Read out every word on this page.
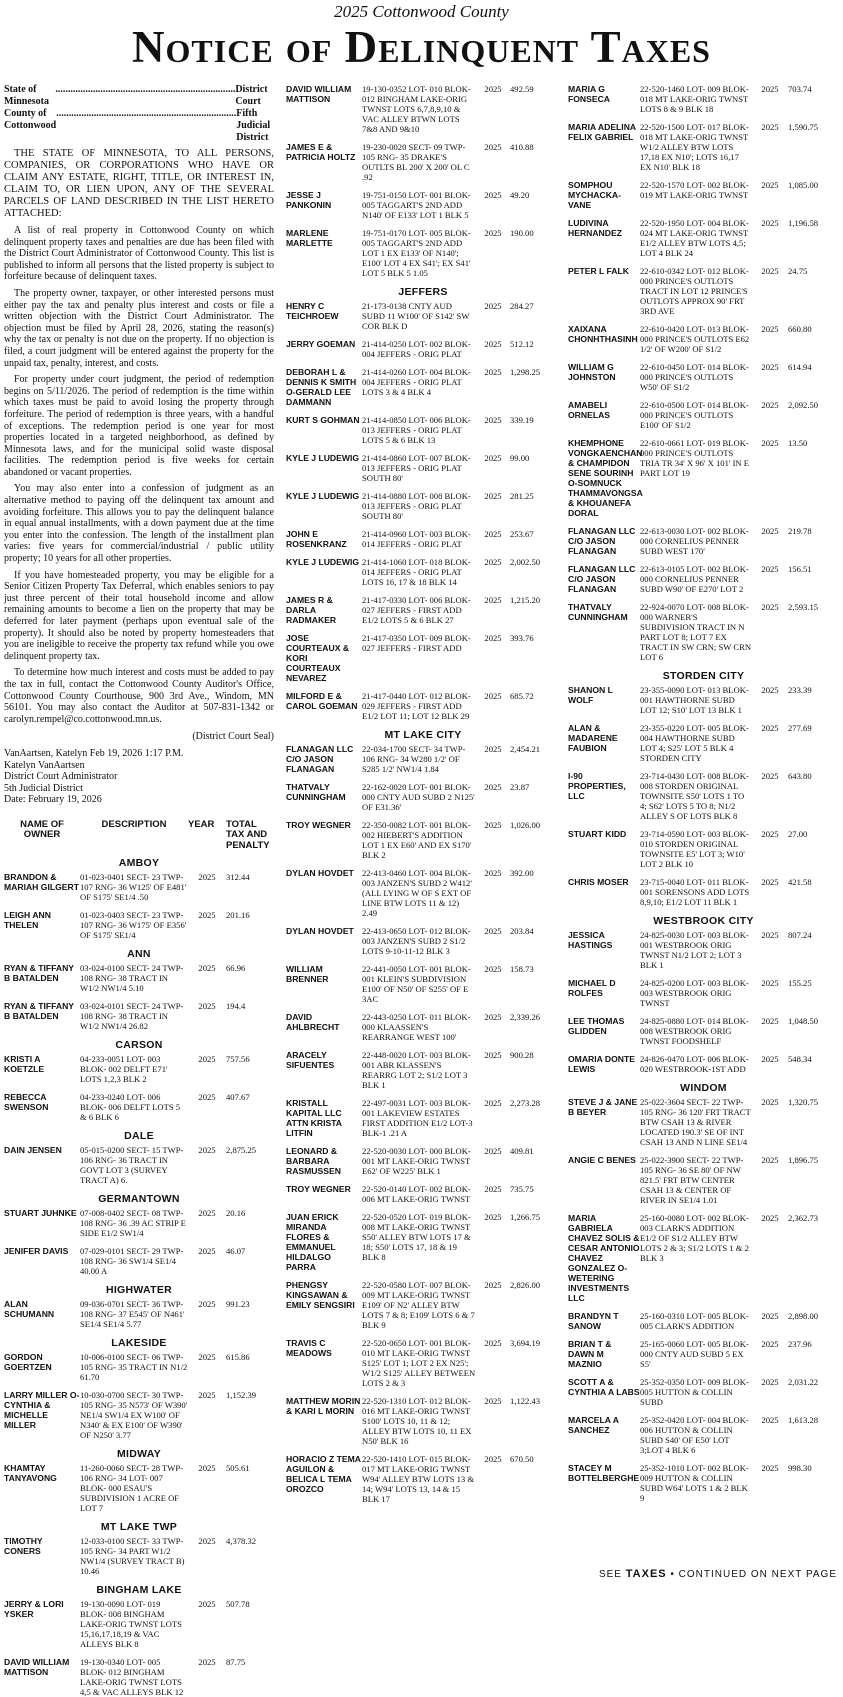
2025 Cottonwood County
Notice of Delinquent Taxes
State of Minnesota
........................................................................ District Court
County of Cottonwood
........................................................................ Fifth Judicial District

THE STATE OF MINNESOTA, TO ALL PERSONS, COMPANIES, OR CORPORATIONS WHO HAVE OR CLAIM ANY ESTATE, RIGHT, TITLE, OR INTEREST IN, CLAIM TO, OR LIEN UPON, ANY OF THE SEVERAL PARCELS OF LAND DESCRIBED IN THE LIST HERETO ATTACHED:

A list of real property in Cottonwood County on which delinquent property taxes and penalties are due has been filed with the District Court Administrator of Cottonwood County. This list is published to inform all persons that the listed property is subject to forfeiture because of delinquent taxes.

The property owner, taxpayer, or other interested persons must either pay the tax and penalty plus interest and costs or file a written objection with the District Court Administrator. The objection must be filed by April 28, 2026, stating the reason(s) why the tax or penalty is not due on the property. If no objection is filed, a court judgment will be entered against the property for the unpaid tax, penalty, interest, and costs.

For property under court judgment, the period of redemption begins on 5/11/2026. The period of redemption is the time within which taxes must be paid to avoid losing the property through forfeiture. The period of redemption is three years, with a handful of exceptions. The redemption period is one year for most properties located in a targeted neighborhood, as defined by Minnesota laws, and for the municipal solid waste disposal facilities. The redemption period is five weeks for certain abandoned or vacant properties.

You may also enter into a confession of judgment as an alternative method to paying off the delinquent tax amount and avoiding forfeiture. This allows you to pay the delinquent balance in equal annual installments, with a down payment due at the time you enter into the confession. The length of the installment plan varies: five years for commercial/industrial / public utility property; 10 years for all other properties.

If you have homesteaded property, you may be eligible for a Senior Citizen Property Tax Deferral, which enables seniors to pay just three percent of their total household income and allow remaining amounts to become a lien on the property that may be deferred for later payment (perhaps upon eventual sale of the property). It should also be noted by property homesteaders that you are ineligible to receive the property tax refund while you owe delinquent property tax.

To determine how much interest and costs must be added to pay the tax in full, contact the Cottonwood County Auditor's Office, Cottonwood County Courthouse, 900 3rd Ave., Windom, MN 56101. You may also contact the Auditor at 507-831-1342 or carolyn.rempel@co.cottonwood.mn.us.

(District Court Seal)
VanAartsen, Katelyn Feb 19, 2026 1:17 P.M.
Katelyn VanAartsen
District Court Administrator
5th Judicial District
Date: February 19, 2026
NAME OF OWNER
DESCRIPTION	YEAR	TOTAL TAX AND PENALTY
AMBOY
BRANDON & MARIAH GILGERT
01-023-0401 SECT- 23 TWP- 107 RNG- 36 W125' OF E481' OF S175' SE1/4 .50
2025	312.44
LEIGH ANN THELEN
01-023-0403 SECT- 23 TWP- 107 RNG- 36 W175' OF E356' OF S175' SE1/4
2025	201.16
ANN
RYAN & TIFFANY B BATALDEN
03-024-0100 SECT- 24 TWP- 108 RNG- 38 TRACT IN W1/2 NW1/4 5.10
2025	66.96
RYAN & TIFFANY B BATALDEN
03-024-0101 SECT- 24 TWP- 108 RNG- 38 TRACT IN W1/2 NW1/4 26.82
2025	194.4
CARSON
KRISTI A KOETZLE
04-233-0051 LOT- 003 BLOK- 002 DELFT E71' LOTS 1,2,3 BLK 2
2025	757.56
REBECCA SWENSON
04-233-0240 LOT- 006 BLOK- 006 DELFT LOTS 5 & 6 BLK 6
2025	407.67
DALE
DAIN JENSEN	05-015-0200 SECT- 15 TWP- 106 RNG- 36 TRACT IN GOVT LOT 3 (SURVEY TRACT A) 6.
2025	2,875.25
GERMANTOWN
STUART JUHNKE 07-008-0402 SECT- 08 TWP- 108 RNG- 36 .39 AC STRIP E SIDE E1/2 SW1/4
2025	20.16
JENIFER DAVIS	07-029-0101 SECT- 29 TWP- 108 RNG- 36 SW1/4 SE1/4 40.00 A
2025	46.07
HIGHWATER
ALAN SCHUMANN
09-036-0701 SECT- 36 TWP- 108 RNG- 37 E545' OF N461' SE1/4 SE1/4 5.77
2025	991.23
LAKESIDE
GORDON GOERTZEN
10-006-0100 SECT- 06 TWP- 105 RNG- 35 TRACT IN N1/2 61.70
2025	615.86
LARRY MILLER O-CYNTHIA & MICHELLE MILLER
10-030-0700 SECT- 30 TWP- 105 RNG- 35 N573' OF W390' NE1/4 SW1/4 EX W100' OF N340' & EX E100' OF W390' OF N250' 3.77
2025	1,152.39
MIDWAY
KHAMTAY TANYAVONG
11-260-0060 SECT- 28 TWP- 106 RNG- 34 LOT- 007 BLOK- 000 ESAU'S SUBDIVISION 1 ACRE OF LOT 7
2025	505.61
MT LAKE TWP
TIMOTHY CONERS
12-033-0100 SECT- 33 TWP- 105 RNG- 34 PART W1/2 NW1/4 (SURVEY TRACT B) 10.46
2025	4,378.32
BINGHAM LAKE
JERRY & LORI YSKER
19-130-0090 LOT- 019 BLOK- 008 BINGHAM LAKE-ORIG TWNST LOTS 15,16,17,18,19 & VAC ALLEYS BLK 8
2025	507.78
DAVID WILLIAM MATTISON
19-130-0340 LOT- 005 BLOK- 012 BINGHAM LAKE-ORIG TWNST LOTS 4,5 & VAC ALLEYS BLK 12
2025	87.75
DAVID WILLIAM MATTISON
19-130-0352 LOT- 010 BLOK- 012 BINGHAM LAKE-ORIG TWNST LOTS 6,7,8,9,10 & VAC ALLEY BTWN LOTS 7&8 AND 9&10
2025 492.59
JAMES E & PATRICIA HOLTZ
19-230-0020 SECT- 09 TWP- 105 RNG- 35 DRAKE'S OUTLTS BL 200' X 200' OL C .92
2025 410.88
JESSE J PANKONIN
19-751-0150 LOT- 001 BLOK- 005 TAGGART'S 2ND ADD N140' OF E133' LOT 1 BLK 5
2025 49.20
MARLENE MARLETTE
19-751-0170 LOT- 005 BLOK- 005 TAGGART'S 2ND ADD LOT 1 EX E133' OF N140'; E100' LOT 4 EX S41'; EX S41' LOT 5 BLK 5 1.05
2025 190.00
JEFFERS
HENRY C TEICHROEW
21-173-0138 CNTY AUD SUBD 11 W100' OF S142' SW COR BLK D
2025 284.27
JERRY GOEMAN 21-414-0250 LOT- 002 BLOK- 004 JEFFERS - ORIG PLAT
2025 512.12
DEBORAH L & DENNIS K SMITH O-GERALD LEE DAMMANN
21-414-0260 LOT- 004 BLOK- 004 JEFFERS - ORIG PLAT LOTS 3 & 4 BLK 4
2025 1,298.25
KURT S GOHMAN 21-414-0850 LOT- 006 BLOK- 013 JEFFERS - ORIG PLAT LOTS 5 & 6 BLK 13
2025 339.19
KYLE J LUDEWIG 21-414-0860 LOT- 007 BLOK- 013 JEFFERS - ORIG PLAT SOUTH 80'
2025 99.00
KYLE J LUDEWIG 21-414-0880 LOT- 008 BLOK- 013 JEFFERS - ORIG PLAT SOUTH 80'
2025 281.25
JOHN E ROSENKRANZ
21-414-0960 LOT- 003 BLOK- 014 JEFFERS - ORIG PLAT
2025 253.67
KYLE J LUDEWIG 21-414-1060 LOT- 018 BLOK- 014 JEFFERS - ORIG PLAT LOTS 16, 17 & 18 BLK 14
2025 2,002.50
JAMES R & DARLA RADMAKER
21-417-0330 LOT- 006 BLOK- 027 JEFFERS - FIRST ADD E1/2 LOTS 5 & 6 BLK 27
2025 1,215.20
JOSE COURTEAUX & KORI COURTEAUX NEVAREZ
21-417-0350 LOT- 009 BLOK- 027 JEFFERS - FIRST ADD
2025 393.76
MILFORD E & CAROL GOEMAN
21-417-0440 LOT- 012 BLOK- 029 JEFFERS - FIRST ADD E1/2 LOT 11; LOT 12 BLK 29
2025 685.72
MT LAKE CITY
FLANAGAN LLC C/O JASON FLANAGAN
22-034-1700 SECT- 34 TWP- 106 RNG- 34 W280 1/2' OF S285 1/2' NW1/4 1.84
2025 2,454.21
THATVALY CUNNINGHAM
22-162-0020 LOT- 001 BLOK- 000 CNTY AUD SUBD 2 N125' OF E31.36'
2025 23.87
TROY WEGNER	22-350-0082 LOT- 001 BLOK- 002 HIEBERT'S ADDITION LOT 1 EX E60' AND EX S170' BLK 2
2025 1,026.00
DYLAN HOVDET 22-413-0460 LOT- 004 BLOK- 003 JANZEN'S SUBD 2 W412' (ALL LYING W OF S EXT OF LINE BTW LOTS 11 & 12) 2.49
2025 392.00
DYLAN HOVDET 22-413-0650 LOT- 012 BLOK- 003 JANZEN'S SUBD 2 S1/2 LOTS 9-10-11-12 BLK 3
2025 203.84
WILLIAM BRENNER
22-441-0050 LOT- 001 BLOK- 001 KLEIN'S SUBDIVISION E100' OF N50' OF S255' OF E 3AC
2025 158.73
DAVID AHLBRECHT
22-443-0250 LOT- 011 BLOK- 000 KLAASSEN'S REARRANGE WEST 100'
2025 2,339.26
ARACELY SIFUENTES
22-448-0020 LOT- 003 BLOK- 001 ABR KLASSEN'S REARRG LOT 2; S1/2 LOT 3 BLK 1
2025 900.28
KRISTALL KAPITAL LLC ATTN KRISTA LITFIN
22-497-0031 LOT- 003 BLOK- 001 LAKEVIEW ESTATES FIRST ADDITION E1/2 LOT-3 BLK-1 .21 A
2025 2,273.28
LEONARD & BARBARA RASMUSSEN
22-520-0030 LOT- 000 BLOK- 001 MT LAKE-ORIG TWNST E62' OF W225' BLK 1
2025 409.81
TROY WEGNER	22-520-0140 LOT- 002 BLOK- 006 MT LAKE-ORIG TWNST
2025 735.75
JUAN ERICK MIRANDA FLORES & EMMANUEL HILDALGO PARRA
22-520-0520 LOT- 019 BLOK- 008 MT LAKE-ORIG TWNST S50' ALLEY BTW LOTS 17 & 18; S50' LOTS 17, 18 & 19 BLK 8
2025 1,266.75
PHENGSY KINGSAWAN & EMILY SENGSIRI
22-520-0580 LOT- 007 BLOK- 009 MT LAKE-ORIG TWNST E109' OF N2' ALLEY BTW LOTS 7 & 8; E109' LOTS 6 & 7 BLK 9
2025 2,826.00
TRAVIS C MEADOWS
22-520-0650 LOT- 001 BLOK- 010 MT LAKE-ORIG TWNST S125' LOT 1; LOT 2 EX N25'; W1/2 S125' ALLEY BETWEEN LOTS 2 & 3
2025 3,694.19
MATTHEW MORIN & KARI L MORIN
22-520-1310 LOT- 012 BLOK- 016 MT LAKE-ORIG TWNST S100' LOTS 10, 11 & 12; ALLEY BTW LOTS 10, 11 EX N50' BLK 16
2025 1,122.43
HORACIO Z TEMA AGUILON & BELICA L TEMA OROZCO
22-520-1410 LOT- 015 BLOK- 017 MT LAKE-ORIG TWNST W94' ALLEY BTW LOTS 13 & 14; W94' LOTS 13, 14 & 15 BLK 17
2025 670.50
MARIA G FONSECA
22-520-1460 LOT- 009 BLOK- 018 MT LAKE-ORIG TWNST LOTS 8 & 9 BLK 18
2025	703.74
MARIA ADELINA FELIX GABRIEL
22-520-1500 LOT- 017 BLOK- 018 MT LAKE-ORIG TWNST W1/2 ALLEY BTW LOTS 17,18 EX N10'; LOTS 16,17 EX N10' BLK 18
2025	1,590.75
SOMPHOU MYCHACKA-VANE
22-520-1570 LOT- 002 BLOK- 019 MT LAKE-ORIG TWNST
2025	1,085.00
LUDIVINA HERNANDEZ
22-520-1950 LOT- 004 BLOK- 024 MT LAKE-ORIG TWNST E1/2 ALLEY BTW LOTS 4,5; LOT 4 BLK 24
2025	1,196.58
PETER L FALK	22-610-0342 LOT- 012 BLOK- 000 PRINCE'S OUTLOTS TRACT IN LOT 12 PRINCE'S OUTLOTS APPROX 90' FRT 3RD AVE
2025	24.75
XAIXANA CHONHTHASINH
22-610-0420 LOT- 013 BLOK- 000 PRINCE'S OUTLOTS E62 1/2' OF W200' OF S1/2
2025	660.80
WILLIAM G JOHNSTON
22-610-0450 LOT- 014 BLOK- 000 PRINCE'S OUTLOTS W50' OF S1/2
2025	614.94
AMABELI ORNELAS
22-610-0500 LOT- 014 BLOK- 000 PRINCE'S OUTLOTS E100' OF S1/2
2025	2,092.50
KHEMPHONE VONGKAENCHAN & CHAMPIDON SENE SOURINH O-SOMNUCK THAMMAVONGSA & KHOUANEFA DORAL
22-610-0661 LOT- 019 BLOK- 000 PRINCE'S OUTLOTS TRIA TR 34' X 96' X 101' IN E PART LOT 19
2025	13.50
FLANAGAN LLC C/O JASON FLANAGAN
22-613-0030 LOT- 002 BLOK- 000 CORNELIUS PENNER SUBD WEST 170'
2025	219.78
FLANAGAN LLC C/O JASON FLANAGAN
22-613-0105 LOT- 002 BLOK- 000 CORNELIUS PENNER SUBD W90' OF E270' LOT 2
2025	156.51
THATVALY CUNNINGHAM
22-924-0070 LOT- 008 BLOK- 000 WARNER'S SUBDIVISION TRACT IN N PART LOT 8; LOT 7 EX TRACT IN SW CRN; SW CRN LOT 6
2025	2,593.15
STORDEN CITY
SHANON L WOLF
23-355-0090 LOT- 013 BLOK- 001 HAWTHORNE SUBD LOT 12; S10' LOT 13 BLK 1
2025	233.39
ALAN & MADARENE FAUBION
23-355-0220 LOT- 005 BLOK- 004 HAWTHORNE SUBD LOT 4; S25' LOT 5 BLK 4 STORDEN CITY
2025	277.69
I-90 PROPERTIES, LLC
23-714-0430 LOT- 008 BLOK- 008 STORDEN ORIGINAL TOWNSITE S50' LOTS 1 TO 4; S62' LOTS 5 TO 8; N1/2 ALLEY S OF LOTS BLK 8
2025	643.80
STUART KIDD	23-714-0590 LOT- 003 BLOK- 010 STORDEN ORIGINAL TOWNSITE E5' LOT 3; W10' LOT 2 BLK 10
2025	27.00
CHRIS MOSER	23-715-0040 LOT- 011 BLOK- 001 SORENSONS ADD LOTS 8,9,10; E1/2 LOT 11 BLK 1
2025	421.58
WESTBROOK CITY
JESSICA HASTINGS
24-825-0030 LOT- 003 BLOK- 001 WESTBROOK ORIG TWNST N1/2 LOT 2; LOT 3 BLK 1
2025	807.24
MICHAEL D ROLFES
24-825-0200 LOT- 003 BLOK- 003 WESTBROOK ORIG TWNST
2025	155.25
LEE THOMAS GLIDDEN
24-825-0880 LOT- 014 BLOK- 008 WESTBROOK ORIG TWNST FOODSHELF
2025	1,048.50
OMARIA DONTE LEWIS
24-826-0470 LOT- 006 BLOK- 020 WESTBROOK-1ST ADD
2025	548.34
WINDOM
STEVE J & JANE B BEYER
25-022-3604 SECT- 22 TWP- 105 RNG- 36 120' FRT TRACT BTW CSAH 13 & RIVER LOCATED 190.3' SE OF INT CSAH 13 AND N LINE SE1/4
2025	1,320.75
ANGIE C BENES 25-022-3900 SECT- 22 TWP- 105 RNG- 36 SE 80' OF NW 821.5' FRT BTW CENTER CSAH 13 & CENTER OF RIVER IN SE1/4 1.01
2025	1,896.75
MARIA GABRIELA CHAVEZ SOLIS & CESAR ANTONIO CHAVEZ GONZALEZ O-WETERING INVESTMENTS LLC
25-160-0080 LOT- 002 BLOK- 003 CLARK'S ADDITION E1/2 OF S1/2 ALLEY BTW LOTS 2 & 3; S1/2 LOTS 1 & 2 BLK 3
2025	2,362.73
BRANDYN T SANOW
25-160-0310 LOT- 005 BLOK- 005 CLARK'S ADDITION
2025	2,898.00
BRIAN T & DAWN M MAZNIO
25-165-0060 LOT- 005 BLOK- 000 CNTY AUD SUBD 5 EX S5'
2025	237.96
SCOTT A & CYNTHIA A LABS
25-352-0350 LOT- 009 BLOK- 005 HUTTON & COLLIN SUBD
2025	2,031.22
MARCELA A SANCHEZ
25-352-0420 LOT- 004 BLOK- 006 HUTTON & COLLIN SUBD S40' OF E50' LOT 3;LOT 4 BLK 6
2025	1,613.28
STACEY M BOTTELBERGHE
25-352-1010 LOT- 002 BLOK- 009 HUTTON & COLLIN SUBD W64' LOTS 1 & 2 BLK 9
2025	998.30
SEE TAXES • CONTINUED ON NEXT PAGE
